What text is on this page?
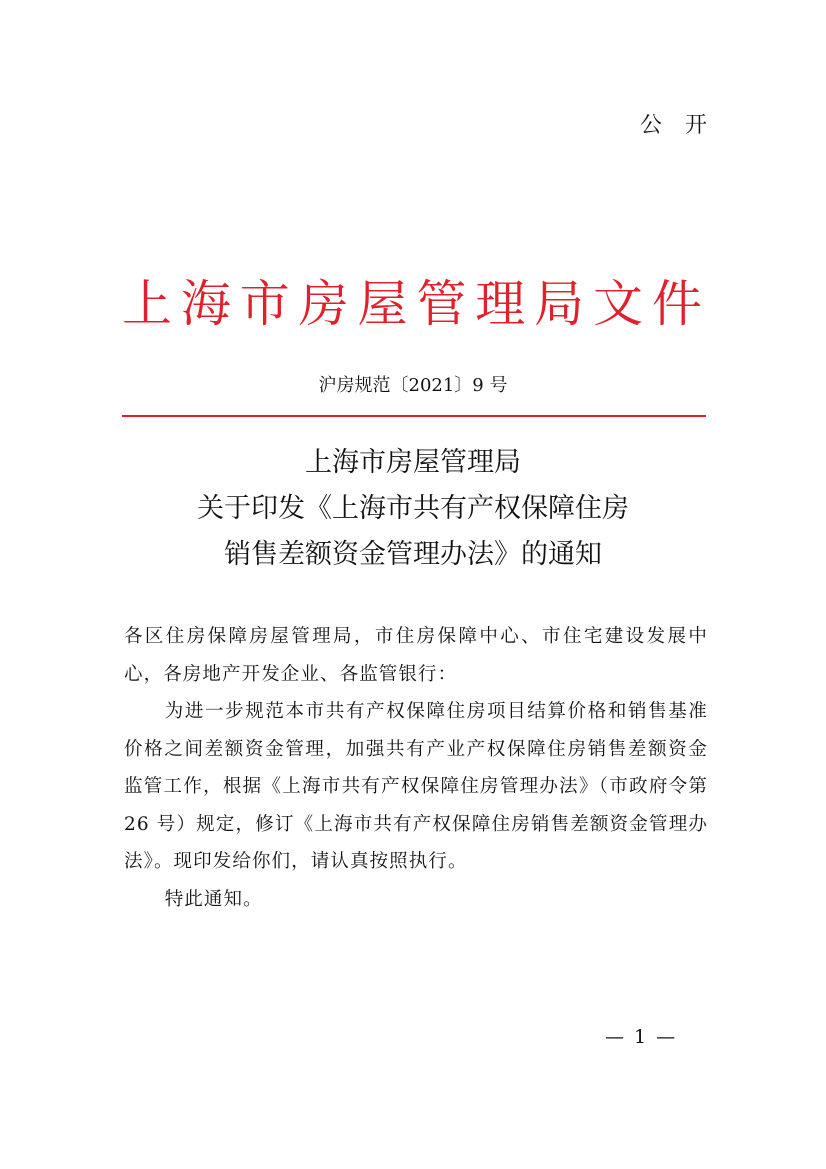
公 开
上 海 市 房 屋 管 理 局 文 件
沪房规范〔2021〕9 号
上海市房屋管理局
关于印发《上海市共有产权保障住房
销售差额资金管理办法》的通知

各区住房保障房屋管理局，市住房保障中心、市住宅建设发展中心，各房地产开发企业、各监管银行：

为进一步规范本市共有产权保障住房项目结算价格和销售基准价格之间差额资金管理，加强共有产业产权保障住房销售差额资金监管工作，根据《上海市共有产权保障住房管理办法》（市政府令第 26 号）规定，修订《上海市共有产权保障住房销售差额资金管理办法》。现印发给你们，请认真按照执行。

特此通知。

— 1 —
